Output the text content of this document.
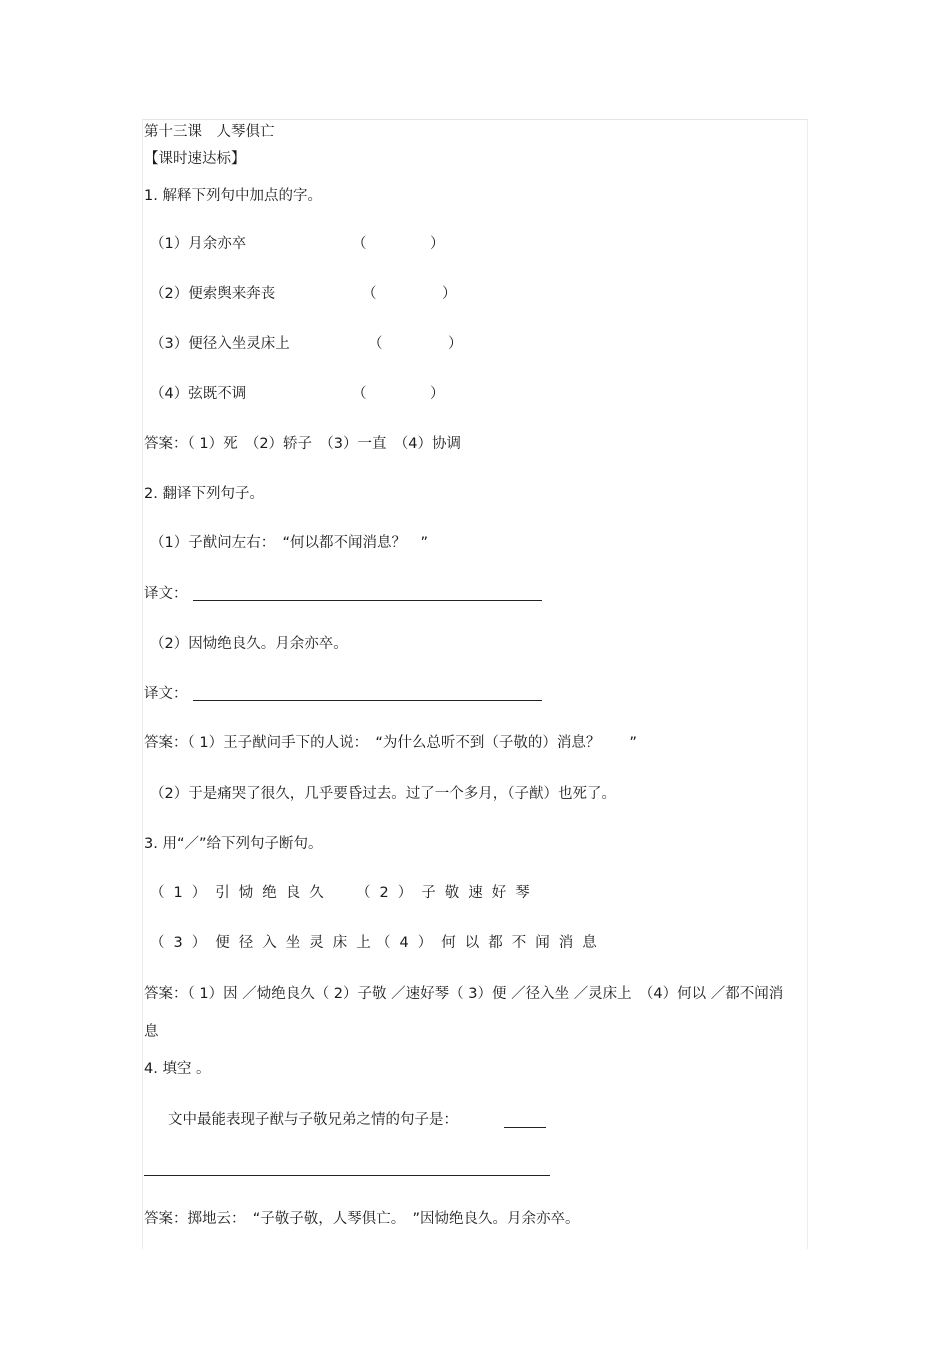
第十三课　人琴俱亡
【课时速达标】
1. 解释下列句中加点的字。
（1）月余亦卒	（	）
（2）便索舆来奔丧	（	）
（3）便径入坐灵床上	（	）
（4）弦既不调	（	）
答案：（ 1）死　（2）轿子　（3）一直　（4）协调
2. 翻译下列句子。
（1）子猷问左右：　“何以都不闻消息？　”
译文：
（2）因恸绝良久。月余亦卒。
译文：
答案：（ 1）王子猷问手下的人说：　“为什么总听不到（子敬的）消息？　　”
（2）于是痛哭了很久，几乎要昏过去。过了一个多月，（子猷）也死了。
3. 用“／”给下列句子断句。
（1）引恸绝良久 （2）子敬速好琴
（3）便径入坐灵床上
（4）何以都不闻消息
答案：（ 1）因 ／恸绝良久（ 2）子敬 ／速好琴（ 3）便 ／径入坐 ／灵床上　（4）何以 ／都不闻消
息
4. 填空 。
文中最能表现子猷与子敬兄弟之情的句子是：
答案：掷地云：　“子敬子敬，人琴俱亡。　”因恸绝良久。月余亦卒。
